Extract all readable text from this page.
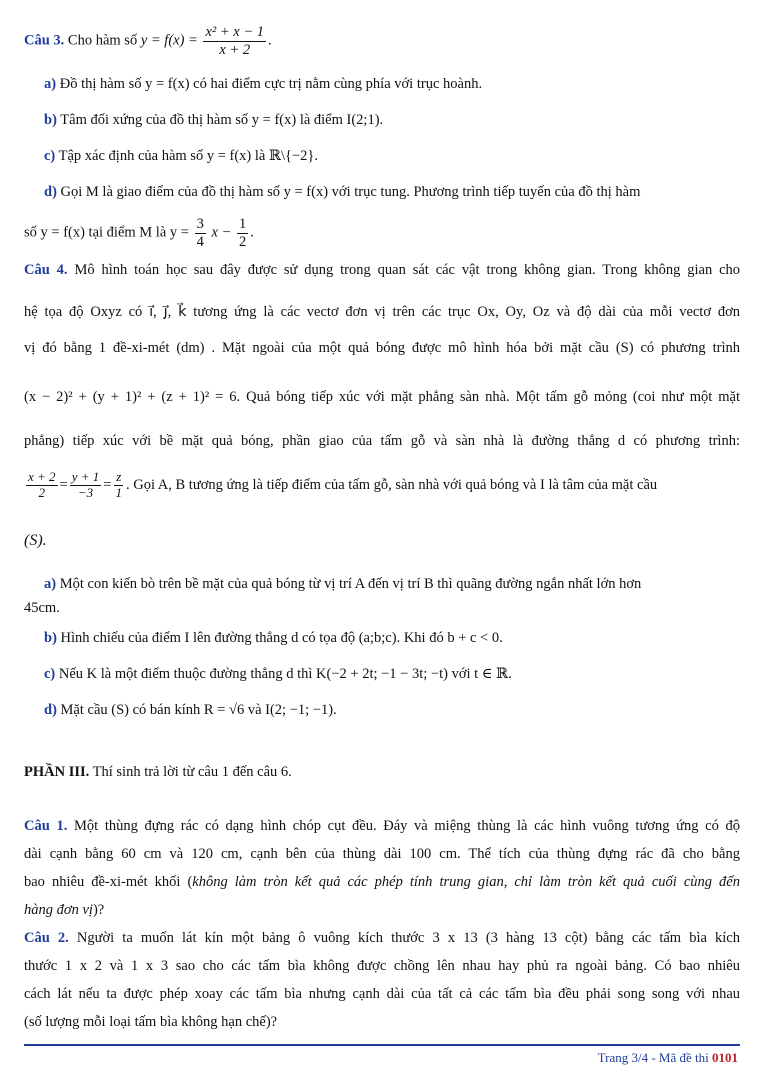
Câu 3. Cho hàm số $y = f(x) = \frac{\text{x² + x − 1}}{x + 2}$ .
a) Đồ thị hàm số y = f(x) có hai điểm cực trị nằm cùng phía với trục hoành.
b) Tâm đối xứng của đồ thị hàm số y = f(x) là điểm I(2;1).
c) Tập xác định của hàm số y = f(x) là ℝ\{−2}.
d) Gọi M là giao điểm của đồ thị hàm số y = f(x) với trục tung. Phương trình tiếp tuyến của đồ thị hàm
số y = f(x) tại điểm M là $y = \frac{3}{4}$ $x - \frac{1}{2}$ .
Câu 4. Mô hình toán học sau đây được sử dụng trong quan sát các vật trong không gian. Trong không gian cho
hệ tọa độ Oxyz có i⃗, j⃗, k⃗ tương ứng là các vectơ đơn vị trên các trục Ox, Oy, Oz và độ dài của mỗi vectơ đơn
vị đó bằng 1 đề-xi-mét (dm) . Mặt ngoài của một quả bóng được mô hình hóa bởi mặt cầu (S) có phương trình
(x − 2)² + (y + 1)² + (z + 1)² = 6. Quả bóng tiếp xúc với mặt phẳng sàn nhà. Một tấm gỗ mỏng (coi như một mặt
phẳng) tiếp xúc với bề mặt quả bóng, phần giao của tấm gỗ và sàn nhà là đường thẳng d có phương trình:
$\frac{x + 2}{2} = \frac{y + 1}{-3} = \frac{z}{1}$ . Gọi A, B tương ứng là tiếp điểm của tấm gỗ, sàn nhà với quả bóng và I là tâm của mặt cầu
(S).
a) Một con kiến bò trên bề mặt của quả bóng từ vị trí A đến vị trí B thì quãng đường ngắn nhất lớn hơn
45cm.
b) Hình chiếu của điểm I lên đường thẳng d có tọa độ (a;b;c). Khi đó b + c < 0.
c) Nếu K là một điểm thuộc đường thẳng d thì K(−2 + 2t; −1 − 3t; −t) với t ∈ ℝ.
d) Mặt cầu (S) có bán kính R = √6 và I(2; −1; −1).
PHẦN III. Thí sinh trả lời từ câu 1 đến câu 6.
Câu 1. Một thùng đựng rác có dạng hình chóp cụt đều. Đáy và miệng thùng là các hình vuông tương ứng có độ
dài cạnh bằng 60 cm và 120 cm, cạnh bên của thùng dài 100 cm. Thể tích của thùng đựng rác đã cho bằng
bao nhiêu đề-xi-mét khối (không làm tròn kết quả các phép tính trung gian, chỉ làm tròn kết quả cuối cùng đến
hàng đơn vị)?
Câu 2. Người ta muốn lát kín một bảng ô vuông kích thước 3 x 13 (3 hàng 13 cột) bằng các tấm bìa kích
thước 1 x 2 và 1 x 3 sao cho các tấm bìa không được chồng lên nhau hay phủ ra ngoài bảng. Có bao nhiêu
cách lát nếu ta được phép xoay các tấm bìa nhưng cạnh dài của tất cả các tấm bìa đều phải song song với nhau
(số lượng mỗi loại tấm bìa không hạn chế)?
Trang 3/4 - Mã đề thi 0101
